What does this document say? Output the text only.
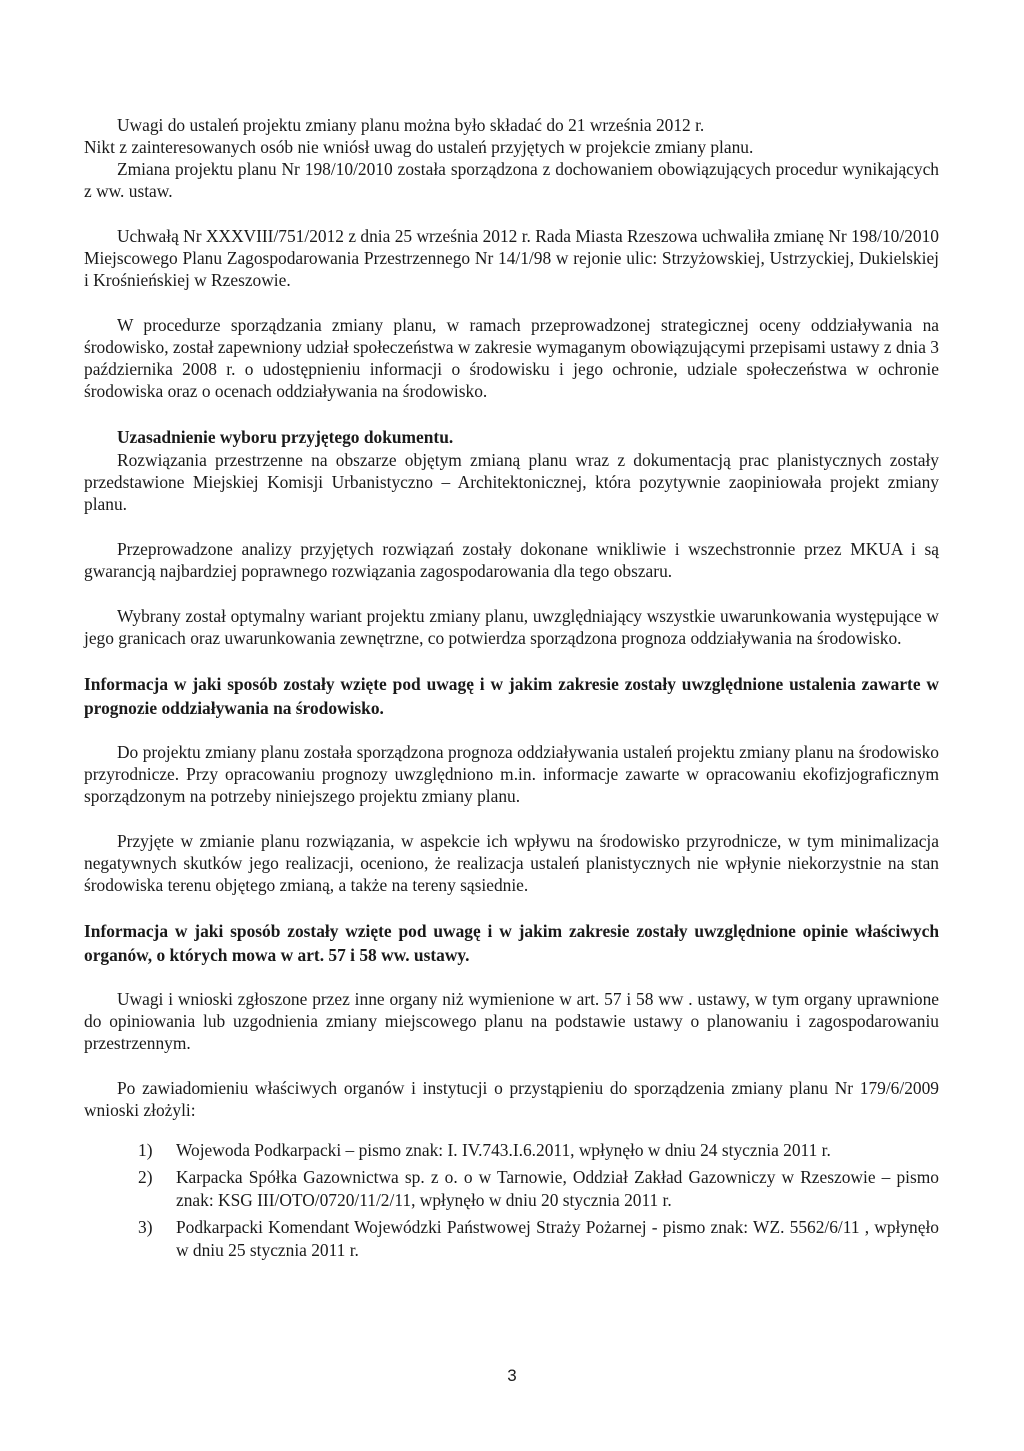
Uwagi do ustaleń projektu zmiany planu można było składać do 21 września 2012 r.

Nikt z zainteresowanych osób nie wniósł uwag do ustaleń przyjętych w projekcie zmiany planu.

Zmiana projektu planu Nr 198/10/2010 została sporządzona z dochowaniem obowiązujących procedur wynikających z ww. ustaw.

Uchwałą Nr XXXVIII/751/2012 z dnia 25 września 2012 r. Rada Miasta Rzeszowa uchwaliła zmianę Nr 198/10/2010 Miejscowego Planu Zagospodarowania Przestrzennego Nr 14/1/98 w rejonie ulic: Strzyżowskiej, Ustrzyckiej, Dukielskiej i Krośnieńskiej w Rzeszowie.

W procedurze sporządzania zmiany planu, w ramach przeprowadzonej strategicznej oceny oddziaływania na środowisko, został zapewniony udział społeczeństwa w zakresie wymaganym obowiązującymi przepisami ustawy z dnia 3 października 2008 r. o udostępnieniu informacji o środowisku i jego ochronie, udziale społeczeństwa w ochronie środowiska oraz o ocenach oddziaływania na środowisko.

Uzasadnienie wyboru przyjętego dokumentu.

Rozwiązania przestrzenne na obszarze objętym zmianą planu wraz z dokumentacją prac planistycznych zostały przedstawione Miejskiej Komisji Urbanistyczno – Architektonicznej, która pozytywnie zaopiniowała projekt zmiany planu.

Przeprowadzone analizy przyjętych rozwiązań zostały dokonane wnikliwie i wszechstronnie przez MKUA i są gwarancją najbardziej poprawnego rozwiązania zagospodarowania dla tego obszaru.

Wybrany został optymalny wariant projektu zmiany planu, uwzględniający wszystkie uwarunkowania występujące w jego granicach oraz uwarunkowania zewnętrzne, co potwierdza sporządzona prognoza oddziaływania na środowisko.

Informacja w jaki sposób zostały wzięte pod uwagę i w jakim zakresie zostały uwzględnione ustalenia zawarte w prognozie oddziaływania na środowisko.

Do projektu zmiany planu została sporządzona prognoza oddziaływania ustaleń projektu zmiany planu na środowisko przyrodnicze. Przy opracowaniu prognozy uwzględniono m.in. informacje zawarte w opracowaniu ekofizjograficznym sporządzonym na potrzeby niniejszego projektu zmiany planu.

Przyjęte w zmianie planu rozwiązania, w aspekcie ich wpływu na środowisko przyrodnicze, w tym minimalizacja negatywnych skutków jego realizacji, oceniono, że realizacja ustaleń planistycznych nie wpłynie niekorzystnie na stan środowiska terenu objętego zmianą, a także na tereny sąsiednie.

Informacja w jaki sposób zostały wzięte pod uwagę i w jakim zakresie zostały uwzględnione opinie właściwych organów, o których mowa w art. 57 i 58 ww. ustawy.

Uwagi i wnioski zgłoszone przez inne organy niż wymienione w art. 57 i 58 ww . ustawy, w tym organy uprawnione do opiniowania lub uzgodnienia zmiany miejscowego planu na podstawie ustawy o planowaniu i zagospodarowaniu przestrzennym.

Po zawiadomieniu właściwych organów i instytucji o przystąpieniu do sporządzenia zmiany planu Nr 179/6/2009 wnioski złożyli:

1) Wojewoda Podkarpacki – pismo znak: I. IV.743.I.6.2011, wpłynęło w dniu 24 stycznia 2011 r.
2) Karpacka Spółka Gazownictwa sp. z o. o w Tarnowie, Oddział Zakład Gazowniczy w Rzeszowie – pismo znak: KSG III/OTO/0720/11/2/11, wpłynęło w dniu 20 stycznia 2011 r.
3) Podkarpacki Komendant Wojewódzki Państwowej Straży Pożarnej - pismo znak: WZ. 5562/6/11 , wpłynęło w dniu 25 stycznia 2011 r.
3
